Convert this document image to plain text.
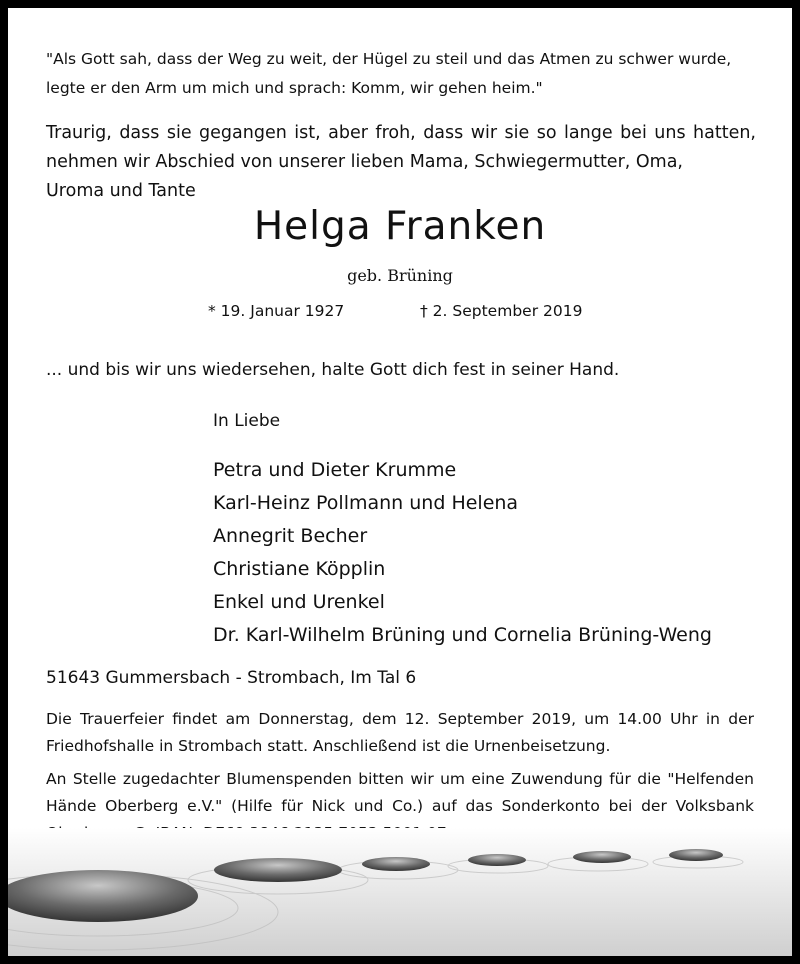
"Als Gott sah, dass der Weg zu weit, der Hügel zu steil und das Atmen zu schwer wurde, legte er den Arm um mich und sprach: Komm, wir gehen heim."

Traurig, dass sie gegangen ist, aber froh, dass wir sie so lange bei uns hatten, nehmen wir Abschied von unserer lieben Mama, Schwiegermutter, Oma,
Uroma und Tante

Helga Franken
geb. Brüning
* 19. Januar 1927	† 2. September 2019
... und bis wir uns wiedersehen, halte Gott dich fest in seiner Hand.
In Liebe
Petra und Dieter Krumme
Karl-Heinz Pollmann und Helena
Annegrit Becher
Christiane Köpplin
Enkel und Urenkel
Dr. Karl-Wilhelm Brüning und Cornelia Brüning-Weng
51643 Gummersbach - Strombach, Im Tal 6

Die Trauerfeier findet am Donnerstag, dem 12. September 2019, um 14.00 Uhr in der Friedhofshalle in Strombach statt. Anschließend ist die Urnenbeisetzung.

An Stelle zugedachter Blumenspenden bitten wir um eine Zuwendung für die "Helfenden Hände Oberberg e.V." (Hilfe für Nick und Co.) auf das Sonderkonto bei der Volksbank
